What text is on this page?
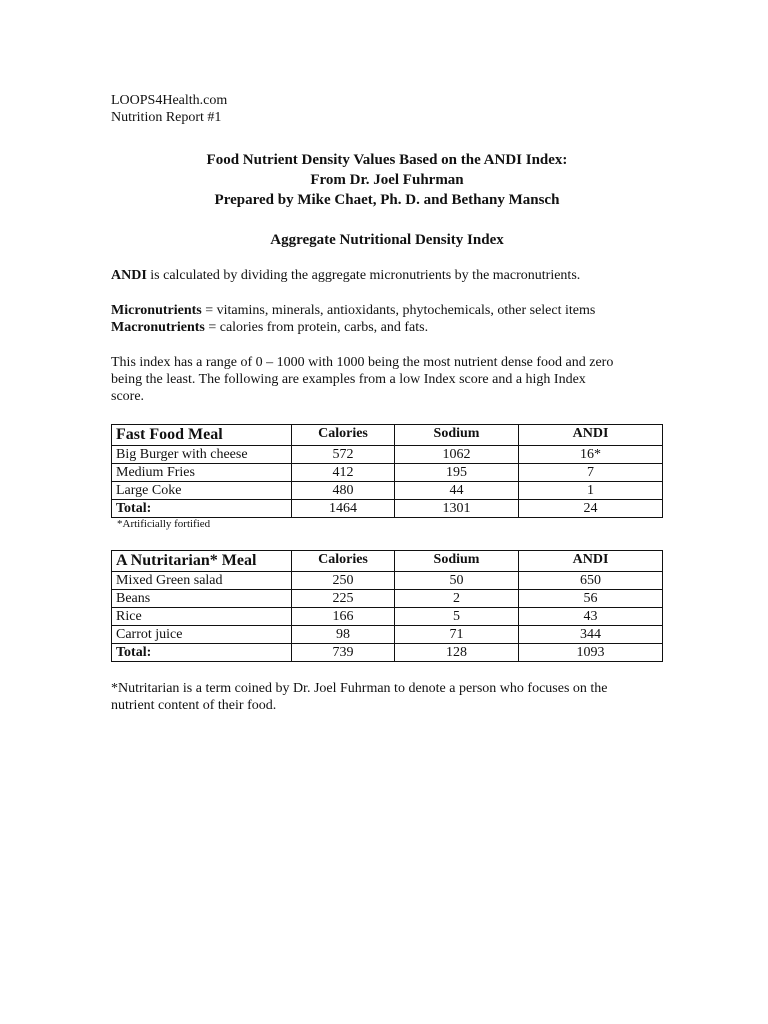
LOOPS4Health.com
Nutrition Report #1
Food Nutrient Density Values Based on the ANDI Index:
From Dr. Joel Fuhrman
Prepared by Mike Chaet, Ph. D. and Bethany Mansch
Aggregate Nutritional Density Index
ANDI is calculated by dividing the aggregate micronutrients by the macronutrients.
Micronutrients = vitamins, minerals, antioxidants, phytochemicals, other select items
Macronutrients = calories from protein, carbs, and fats.
This index has a range of 0 – 1000 with 1000 being the most nutrient dense food and zero
being the least. The following are examples from a low Index score and a high Index
score.
Fast Food Meal	Calories	Sodium	ANDI
Big Burger with cheese	572	1062	16*
Medium Fries	412	195	7
Large Coke	480	44	1
Total:	1464	1301	24
*Artificially fortified
A Nutritarian* Meal	Calories	Sodium	ANDI
Mixed Green salad	250	50	650
Beans	225	2	56
Rice	166	5	43
Carrot juice	98	71	344
Total:	739	128	1093
*Nutritarian is a term coined by Dr. Joel Fuhrman to denote a person who focuses on the
nutrient content of their food.
